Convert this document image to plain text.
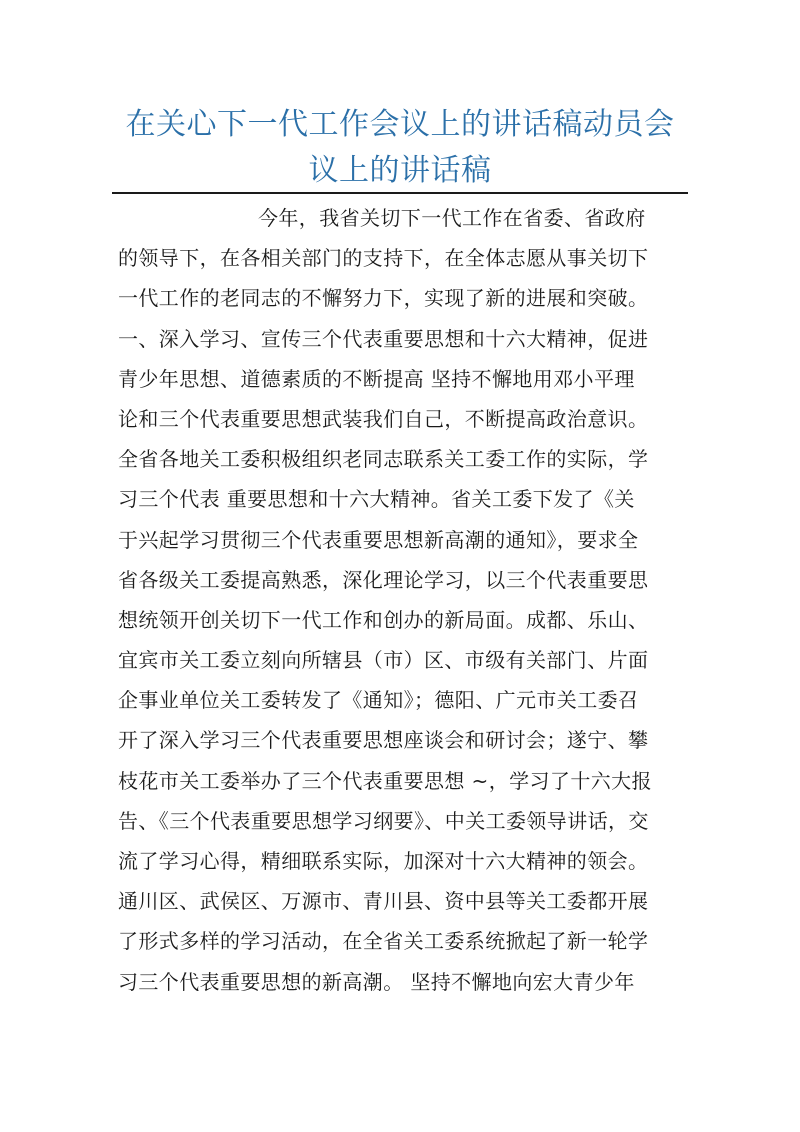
在关心下一代工作会议上的讲话稿动员会
议上的讲话稿
今年，我省关切下一代工作在省委、省政府
的领导下，在各相关部门的支持下，在全体志愿从事关切下
一代工作的老同志的不懈努力下，实现了新的进展和突破。
一、深入学习、宣传三个代表重要思想和十六大精神，促进
青少年思想、道德素质的不断提高 坚持不懈地用邓小平理
论和三个代表重要思想武装我们自己，不断提高政治意识。
全省各地关工委积极组织老同志联系关工委工作的实际，学
习三个代表 重要思想和十六大精神。省关工委下发了《关
于兴起学习贯彻三个代表重要思想新高潮的通知》，要求全
省各级关工委提高熟悉，深化理论学习，以三个代表重要思
想统领开创关切下一代工作和创办的新局面。成都、乐山、
宜宾市关工委立刻向所辖县（市）区、市级有关部门、片面
企事业单位关工委转发了《通知》；德阳、广元市关工委召
开了深入学习三个代表重要思想座谈会和研讨会；遂宁、攀
枝花市关工委举办了三个代表重要思想 ~，学习了十六大报
告、《三个代表重要思想学习纲要》、中关工委领导讲话，交
流了学习心得，精细联系实际，加深对十六大精神的领会。
通川区、武侯区、万源市、青川县、资中县等关工委都开展
了形式多样的学习活动，在全省关工委系统掀起了新一轮学
习三个代表重要思想的新高潮。 坚持不懈地向宏大青少年
